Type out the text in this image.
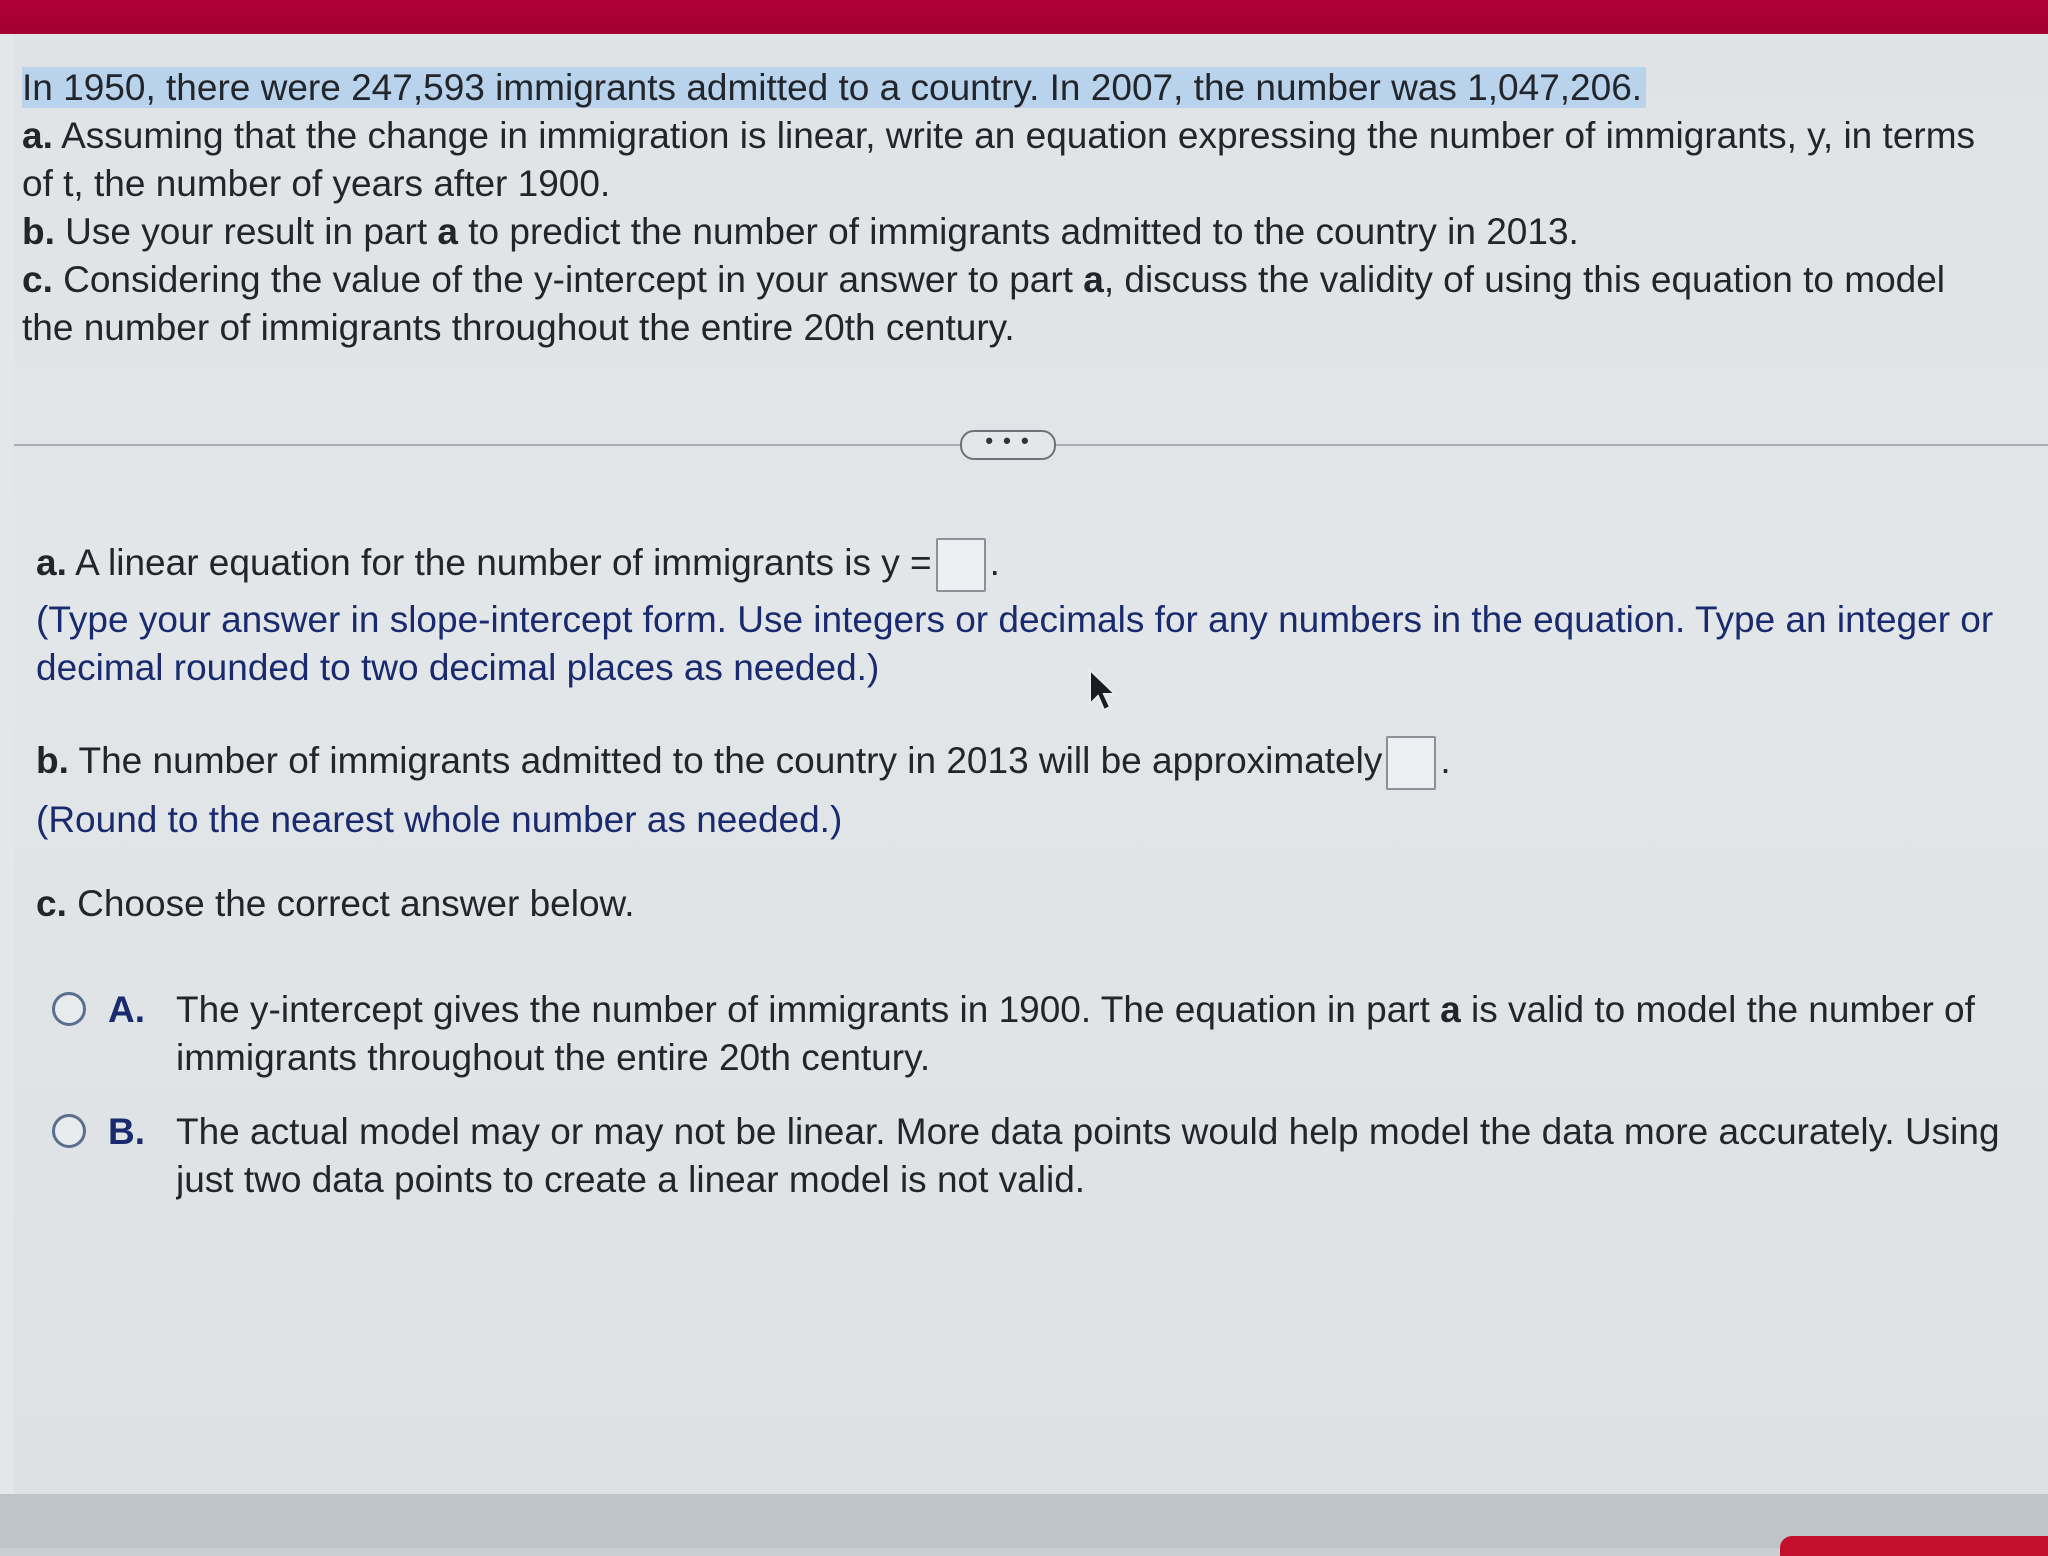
In 1950, there were 247,593 immigrants admitted to a country. In 2007, the number was 1,047,206.
a. Assuming that the change in immigration is linear, write an equation expressing the number of immigrants, y, in terms
of t, the number of years after 1900.
b. Use your result in part a to predict the number of immigrants admitted to the country in 2013.
c. Considering the value of the y-intercept in your answer to part a, discuss the validity of using this equation to model
the number of immigrants throughout the entire 20th century.
• • •
a. A linear equation for the number of immigrants is y = .
(Type your answer in slope-intercept form. Use integers or decimals for any numbers in the equation. Type an integer or
decimal rounded to two decimal places as needed.)
b. The number of immigrants admitted to the country in 2013 will be approximately .
(Round to the nearest whole number as needed.)
c. Choose the correct answer below.
A. The y-intercept gives the number of immigrants in 1900. The equation in part a is valid to model the number of
immigrants throughout the entire 20th century.
B. The actual model may or may not be linear. More data points would help model the data more accurately. Using
just two data points to create a linear model is not valid.
